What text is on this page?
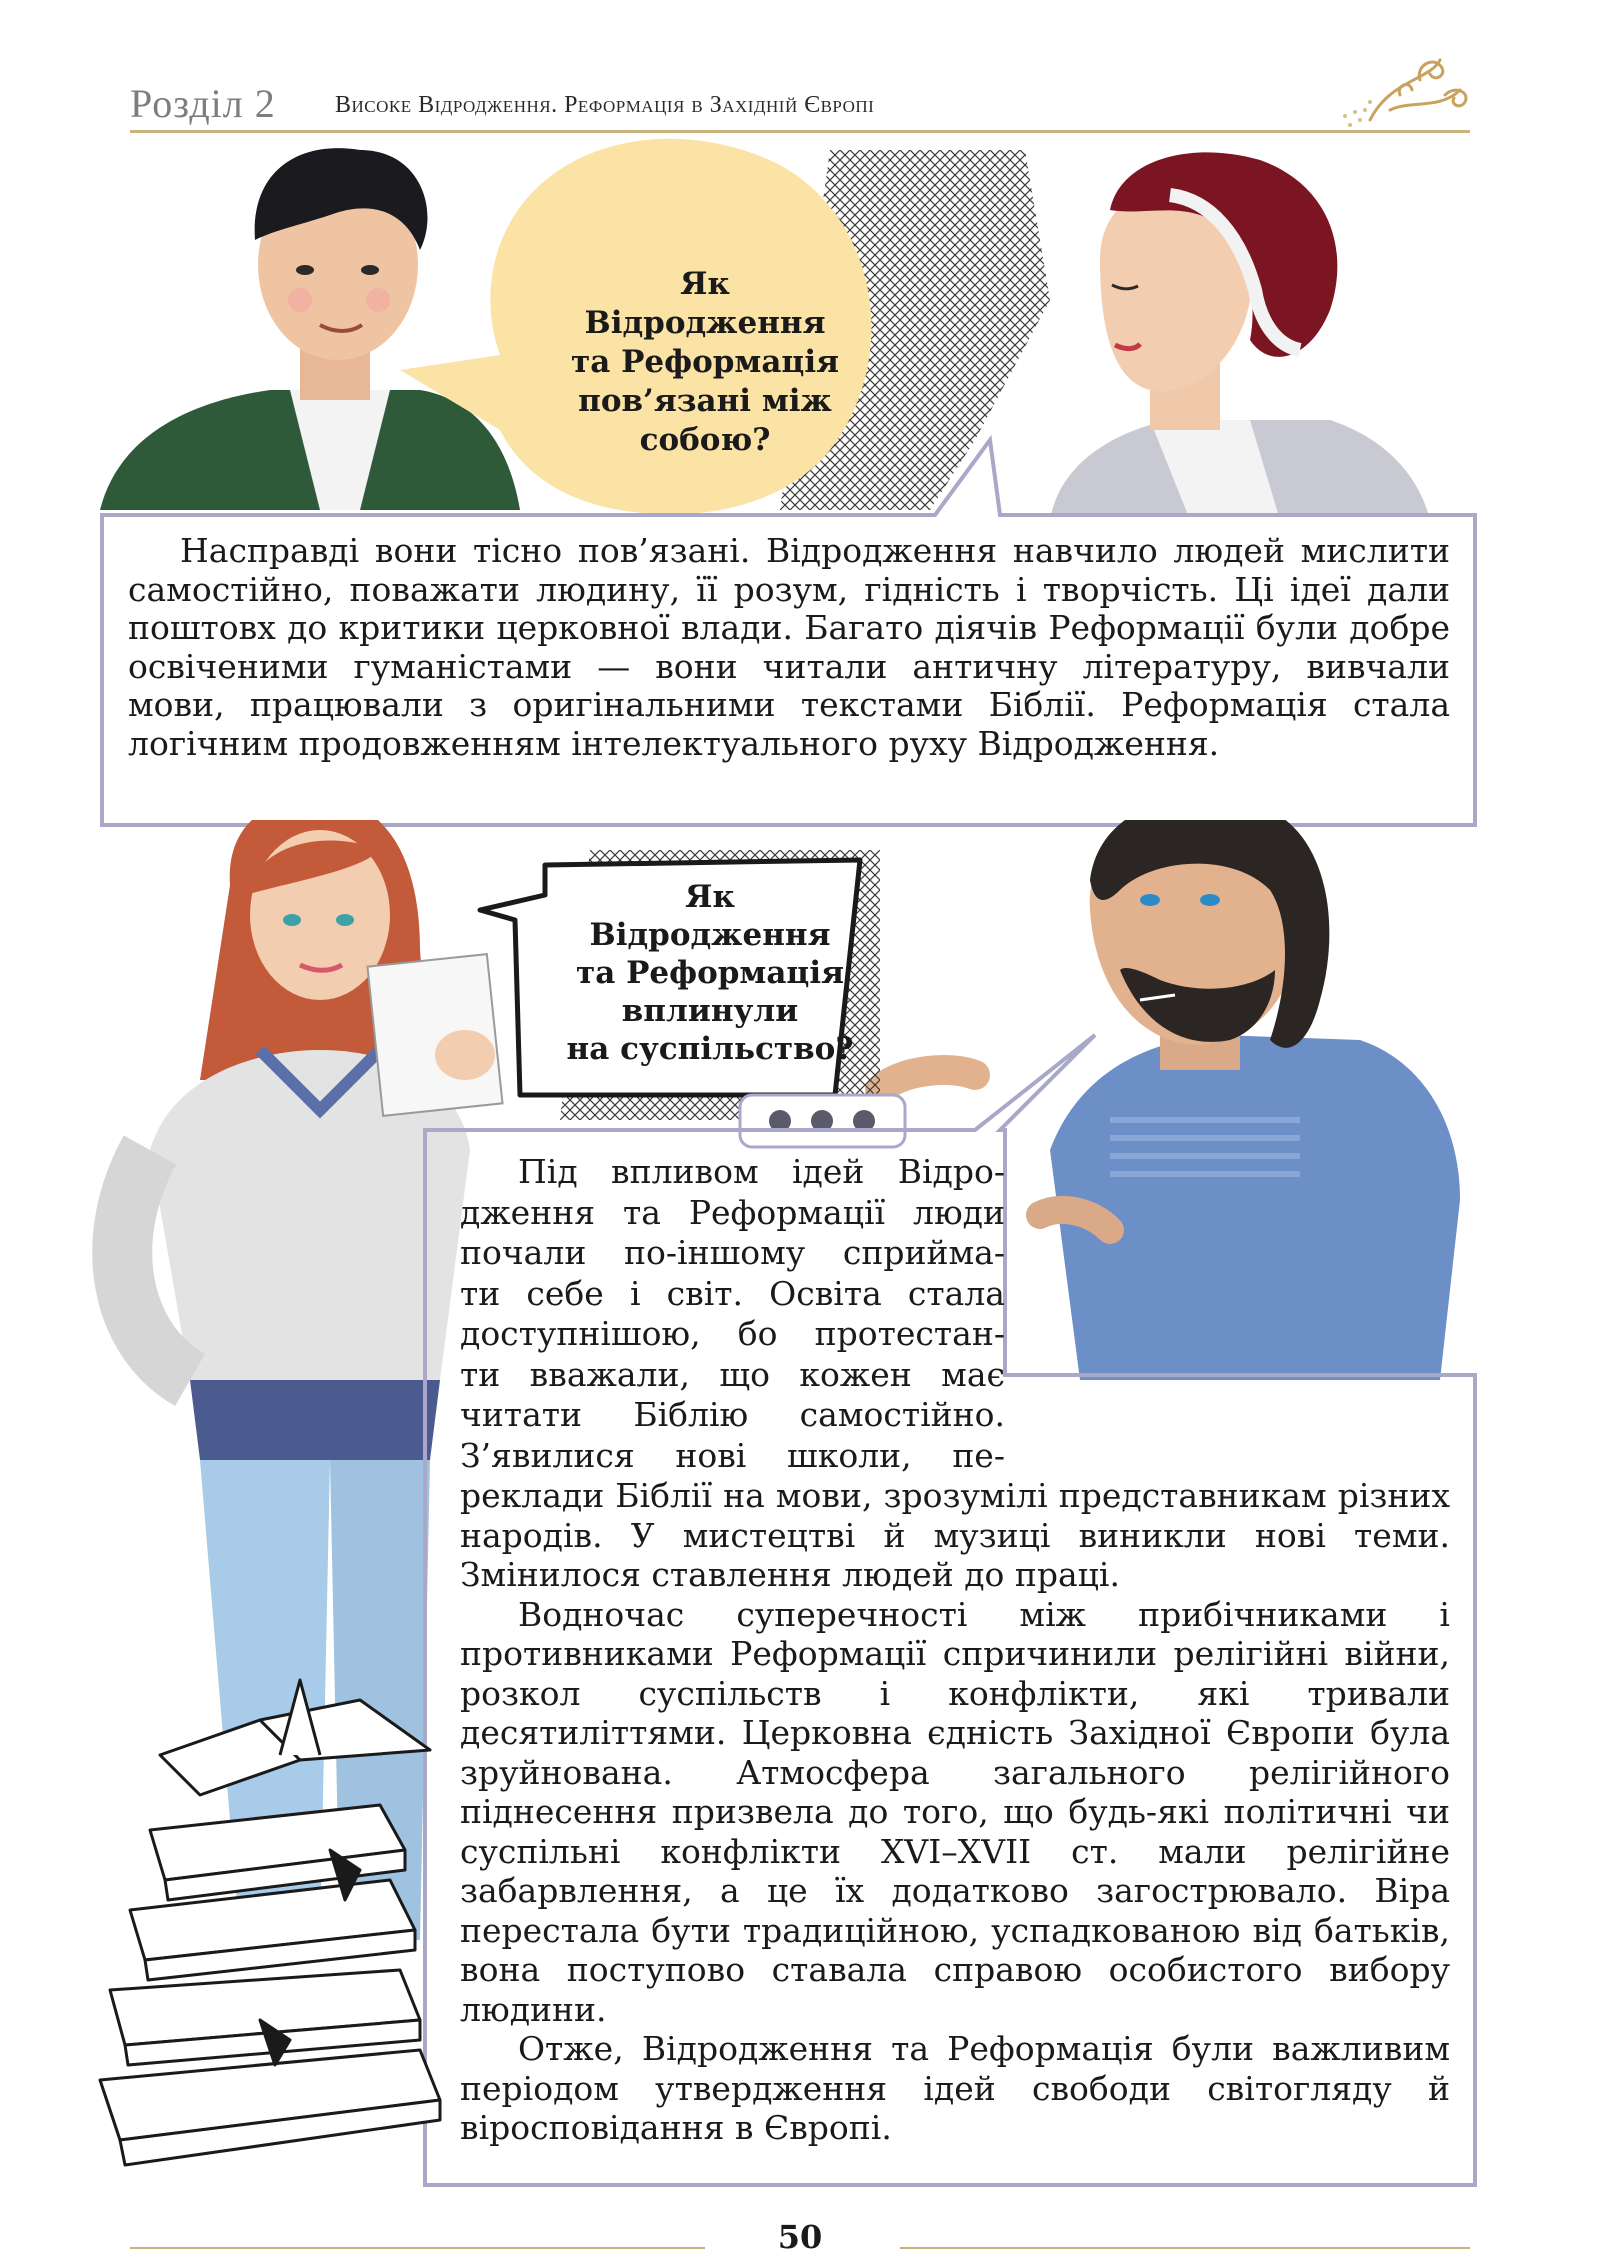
Розділ 2 Високе Відродження. Реформація в Західній Європі
Як
Відродження
та Реформація
пов’язані між
собою?

Насправді вони тісно пов’язані. Відродження навчило людей мислити самостійно, поважати людину, її розум, гідність і творчість. Ці ідеї дали поштовх до критики церковної влади. Багато діячів Реформації були добре освіченими гуманістами — вони читали античну літературу, вивчали мови, працювали з оригінальними текстами Біблії. Реформація стала логічним продовженням інтелектуального руху Відродження.

Як
Відродження
та Реформація
вплинули
на суспільство?
Під впливом ідей Відро-
дження та Реформації люди
почали по-іншому сприйма-
ти себе і світ. Освіта стала
доступнішою, бо протестан-
ти вважали, що кожен має
читати Біблію самостійно.
З’явилися нові школи, пе-

реклади Біблії на мови, зрозумілі представникам різних народів. У мистецтві й музиці виникли нові теми. Змінилося ставлення людей до праці.

Водночас суперечності між прибічниками і противниками Реформації спричинили релігійні війни, розкол суспільств і конфлікти, які тривали десятиліттями. Церковна єдність Західної Європи була зруйнована. Атмосфера загального релігійного піднесення призвела до того, що будь-які політичні чи суспільні конфлікти XVI–XVII ст. мали релігійне забарвлення, а це їх додатково загострювало. Віра перестала бути традиційною, успадкованою від батьків, вона поступово ставала справою особистого вибору людини.

Отже, Відродження та Реформація були важливим періодом утвердження ідей свободи світогляду й віросповідання в Європі.

50
